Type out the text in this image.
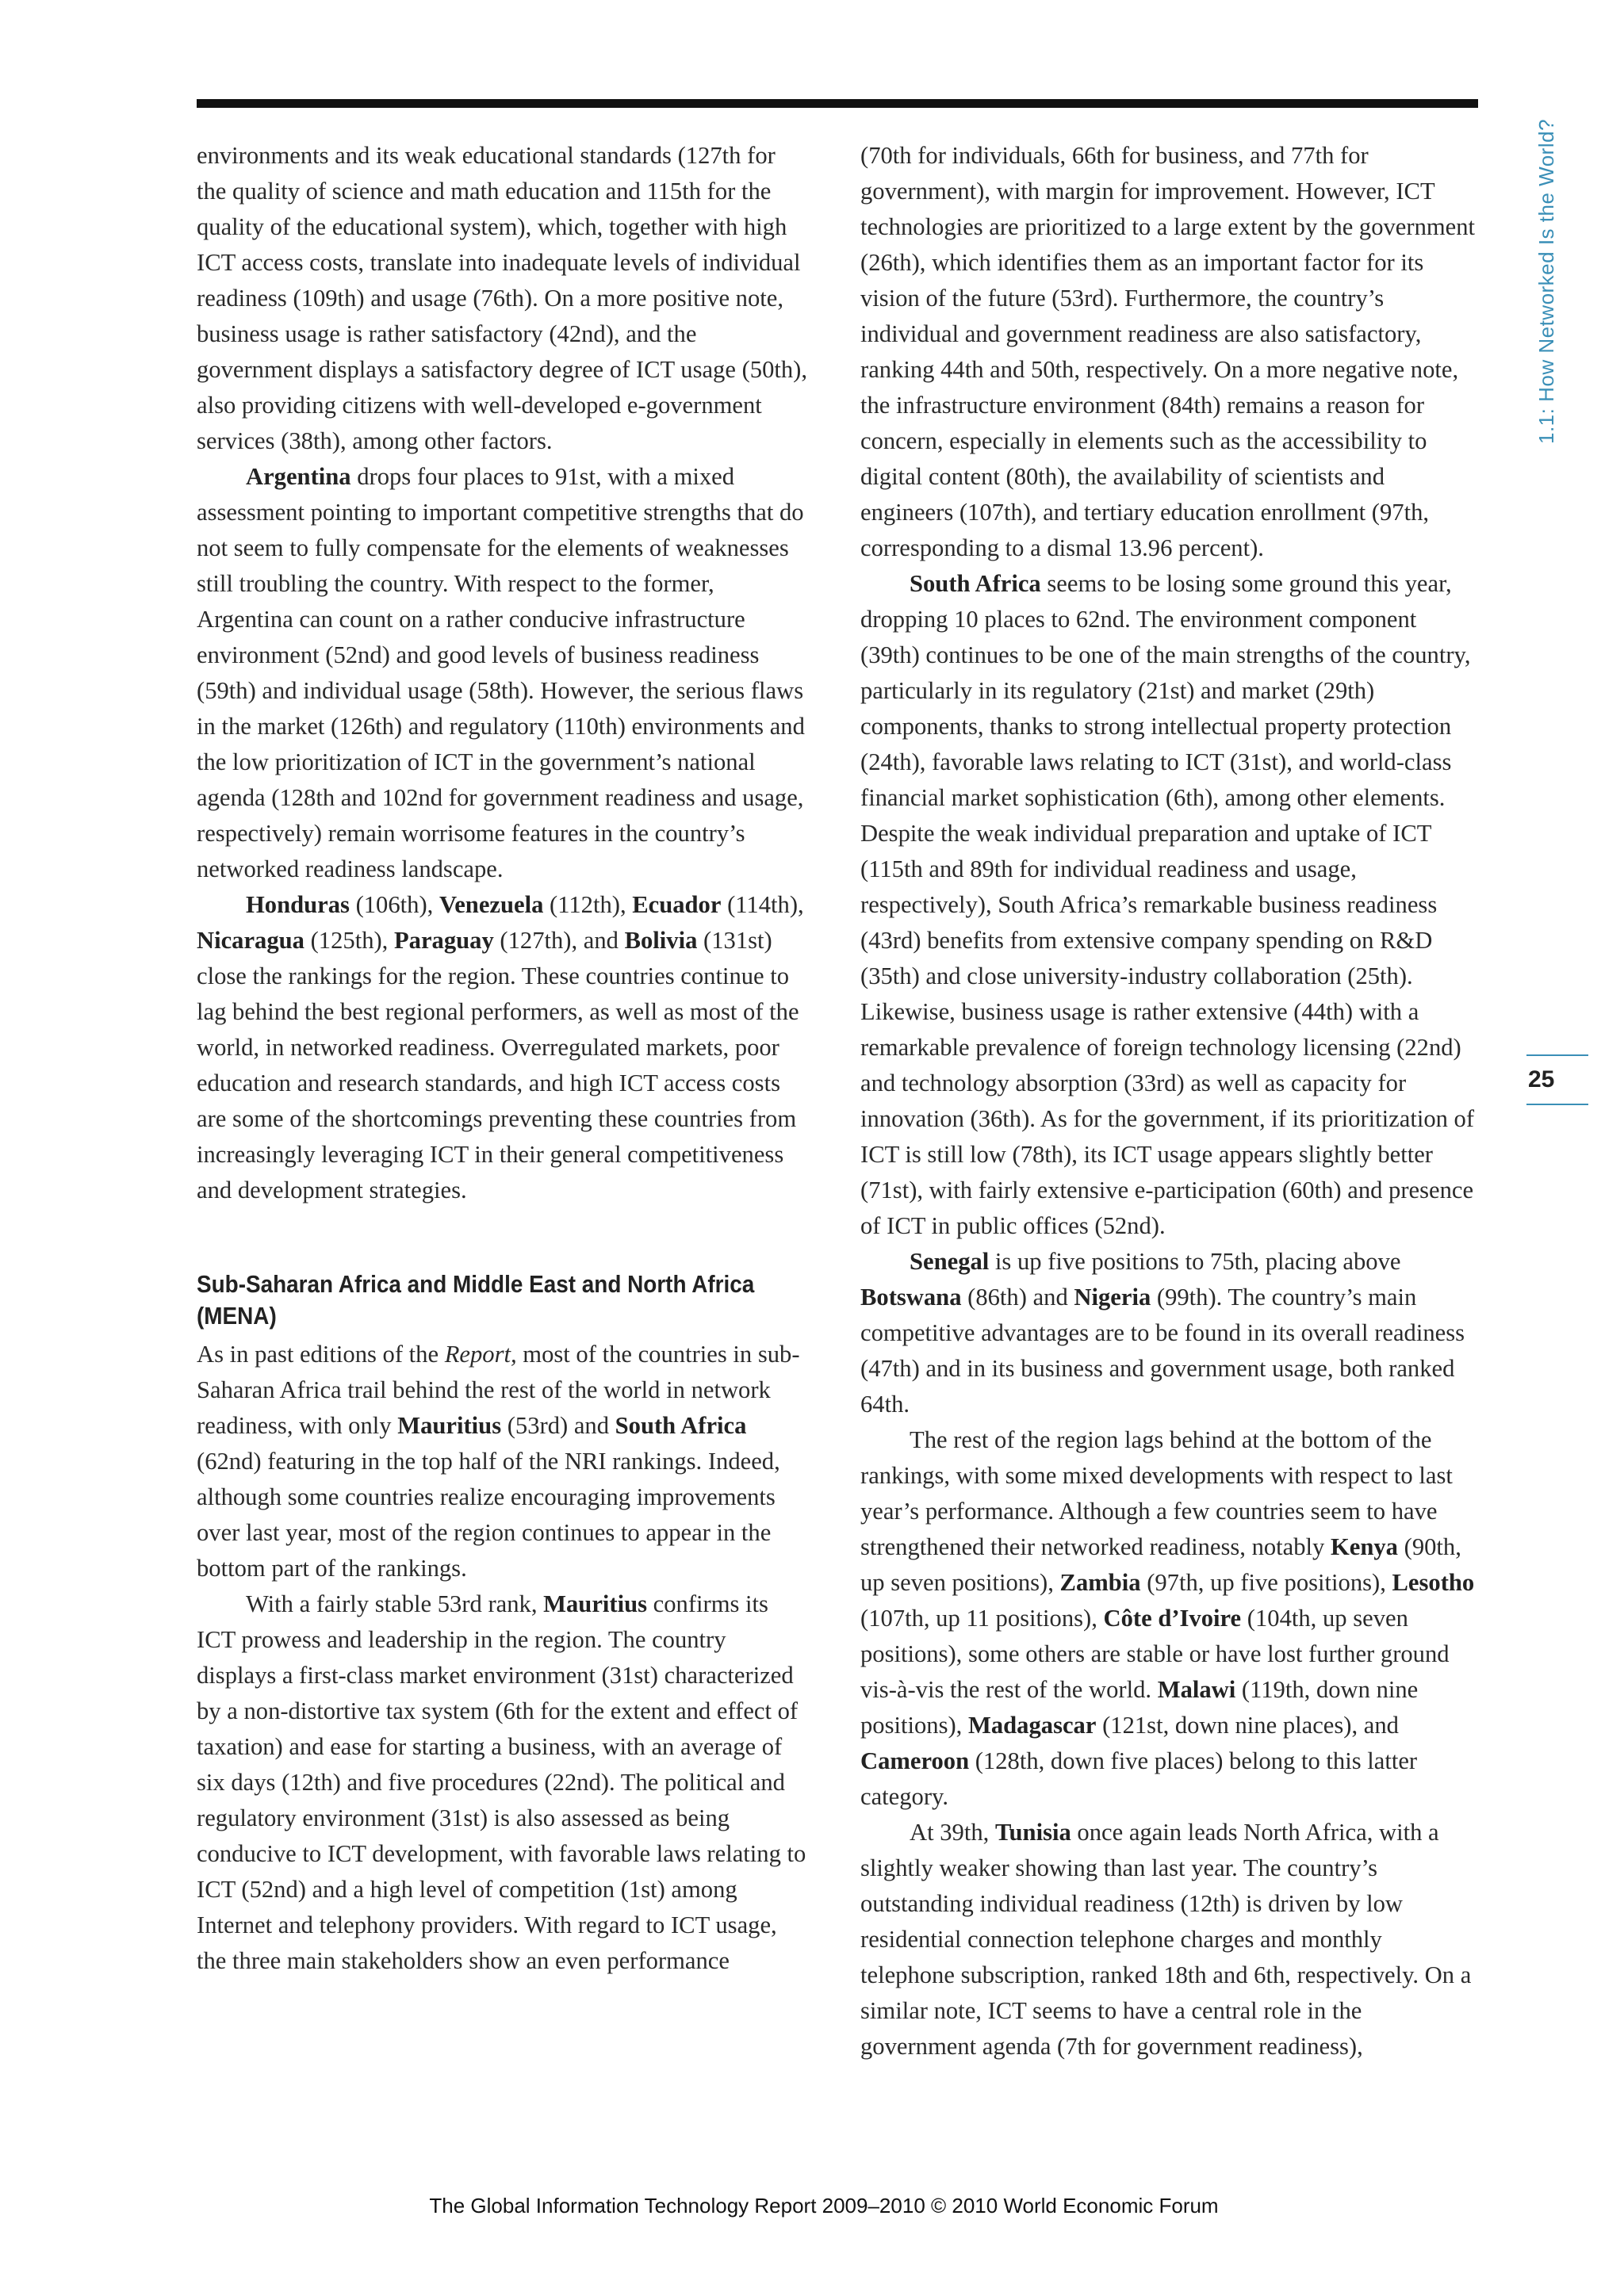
1.1: How Networked Is the World?
25

environments and its weak educational standards (127th for the quality of science and math education and 115th for the quality of the educational system), which, together with high ICT access costs, translate into inadequate levels of individual readiness (109th) and usage (76th). On a more positive note, business usage is rather satisfactory (42nd), and the government displays a satisfactory degree of ICT usage (50th), also providing citizens with well-developed e-government services (38th), among other factors.

Argentina drops four places to 91st, with a mixed assessment pointing to important competitive strengths that do not seem to fully compensate for the elements of weaknesses still troubling the country. With respect to the former, Argentina can count on a rather conducive infrastructure environment (52nd) and good levels of business readiness (59th) and individual usage (58th). However, the serious flaws in the market (126th) and regulatory (110th) environments and the low prioritization of ICT in the government’s national agenda (128th and 102nd for government readiness and usage, respectively) remain worrisome features in the country’s networked readiness landscape.

Honduras (106th), Venezuela (112th), Ecuador (114th), Nicaragua (125th), Paraguay (127th), and Bolivia (131st) close the rankings for the region. These countries continue to lag behind the best regional performers, as well as most of the world, in networked readiness. Overregulated markets, poor education and research standards, and high ICT access costs are some of the shortcomings preventing these countries from increasingly leveraging ICT in their general competitiveness and development strategies.

Sub-Saharan Africa and Middle East and North Africa (MENA)

As in past editions of the Report, most of the countries in sub-Saharan Africa trail behind the rest of the world in network readiness, with only Mauritius (53rd) and South Africa (62nd) featuring in the top half of the NRI rankings. Indeed, although some countries realize encouraging improvements over last year, most of the region continues to appear in the bottom part of the rankings.

With a fairly stable 53rd rank, Mauritius confirms its ICT prowess and leadership in the region. The country displays a first-class market environment (31st) characterized by a non-distortive tax system (6th for the extent and effect of taxation) and ease for starting a business, with an average of six days (12th) and five procedures (22nd). The political and regulatory environment (31st) is also assessed as being conducive to ICT development, with favorable laws relating to ICT (52nd) and a high level of competition (1st) among Internet and telephony providers. With regard to ICT usage, the three main stakeholders show an even performance

(70th for individuals, 66th for business, and 77th for government), with margin for improvement. However, ICT technologies are prioritized to a large extent by the government (26th), which identifies them as an important factor for its vision of the future (53rd). Furthermore, the country’s individual and government readiness are also satisfactory, ranking 44th and 50th, respectively. On a more negative note, the infrastructure environment (84th) remains a reason for concern, especially in elements such as the accessibility to digital content (80th), the availability of scientists and engineers (107th), and tertiary education enrollment (97th, corresponding to a dismal 13.96 percent).

South Africa seems to be losing some ground this year, dropping 10 places to 62nd. The environment component (39th) continues to be one of the main strengths of the country, particularly in its regulatory (21st) and market (29th) components, thanks to strong intellectual property protection (24th), favorable laws relating to ICT (31st), and world-class financial market sophistication (6th), among other elements. Despite the weak individual preparation and uptake of ICT (115th and 89th for individual readiness and usage, respectively), South Africa’s remarkable business readiness (43rd) benefits from extensive company spending on R&D (35th) and close university-industry collaboration (25th). Likewise, business usage is rather extensive (44th) with a remarkable prevalence of foreign technology licensing (22nd) and technology absorption (33rd) as well as capacity for innovation (36th). As for the government, if its prioritization of ICT is still low (78th), its ICT usage appears slightly better (71st), with fairly extensive e-participation (60th) and presence of ICT in public offices (52nd).

Senegal is up five positions to 75th, placing above Botswana (86th) and Nigeria (99th). The country’s main competitive advantages are to be found in its overall readiness (47th) and in its business and government usage, both ranked 64th.

The rest of the region lags behind at the bottom of the rankings, with some mixed developments with respect to last year’s performance. Although a few countries seem to have strengthened their networked readiness, notably Kenya (90th, up seven positions), Zambia (97th, up five positions), Lesotho (107th, up 11 positions), Côte d’Ivoire (104th, up seven positions), some others are stable or have lost further ground vis-à-vis the rest of the world. Malawi (119th, down nine positions), Madagascar (121st, down nine places), and Cameroon (128th, down five places) belong to this latter category.

At 39th, Tunisia once again leads North Africa, with a slightly weaker showing than last year. The country’s outstanding individual readiness (12th) is driven by low residential connection telephone charges and monthly telephone subscription, ranked 18th and 6th, respectively. On a similar note, ICT seems to have a central role in the government agenda (7th for government readiness),

The Global Information Technology Report 2009–2010 © 2010 World Economic Forum
